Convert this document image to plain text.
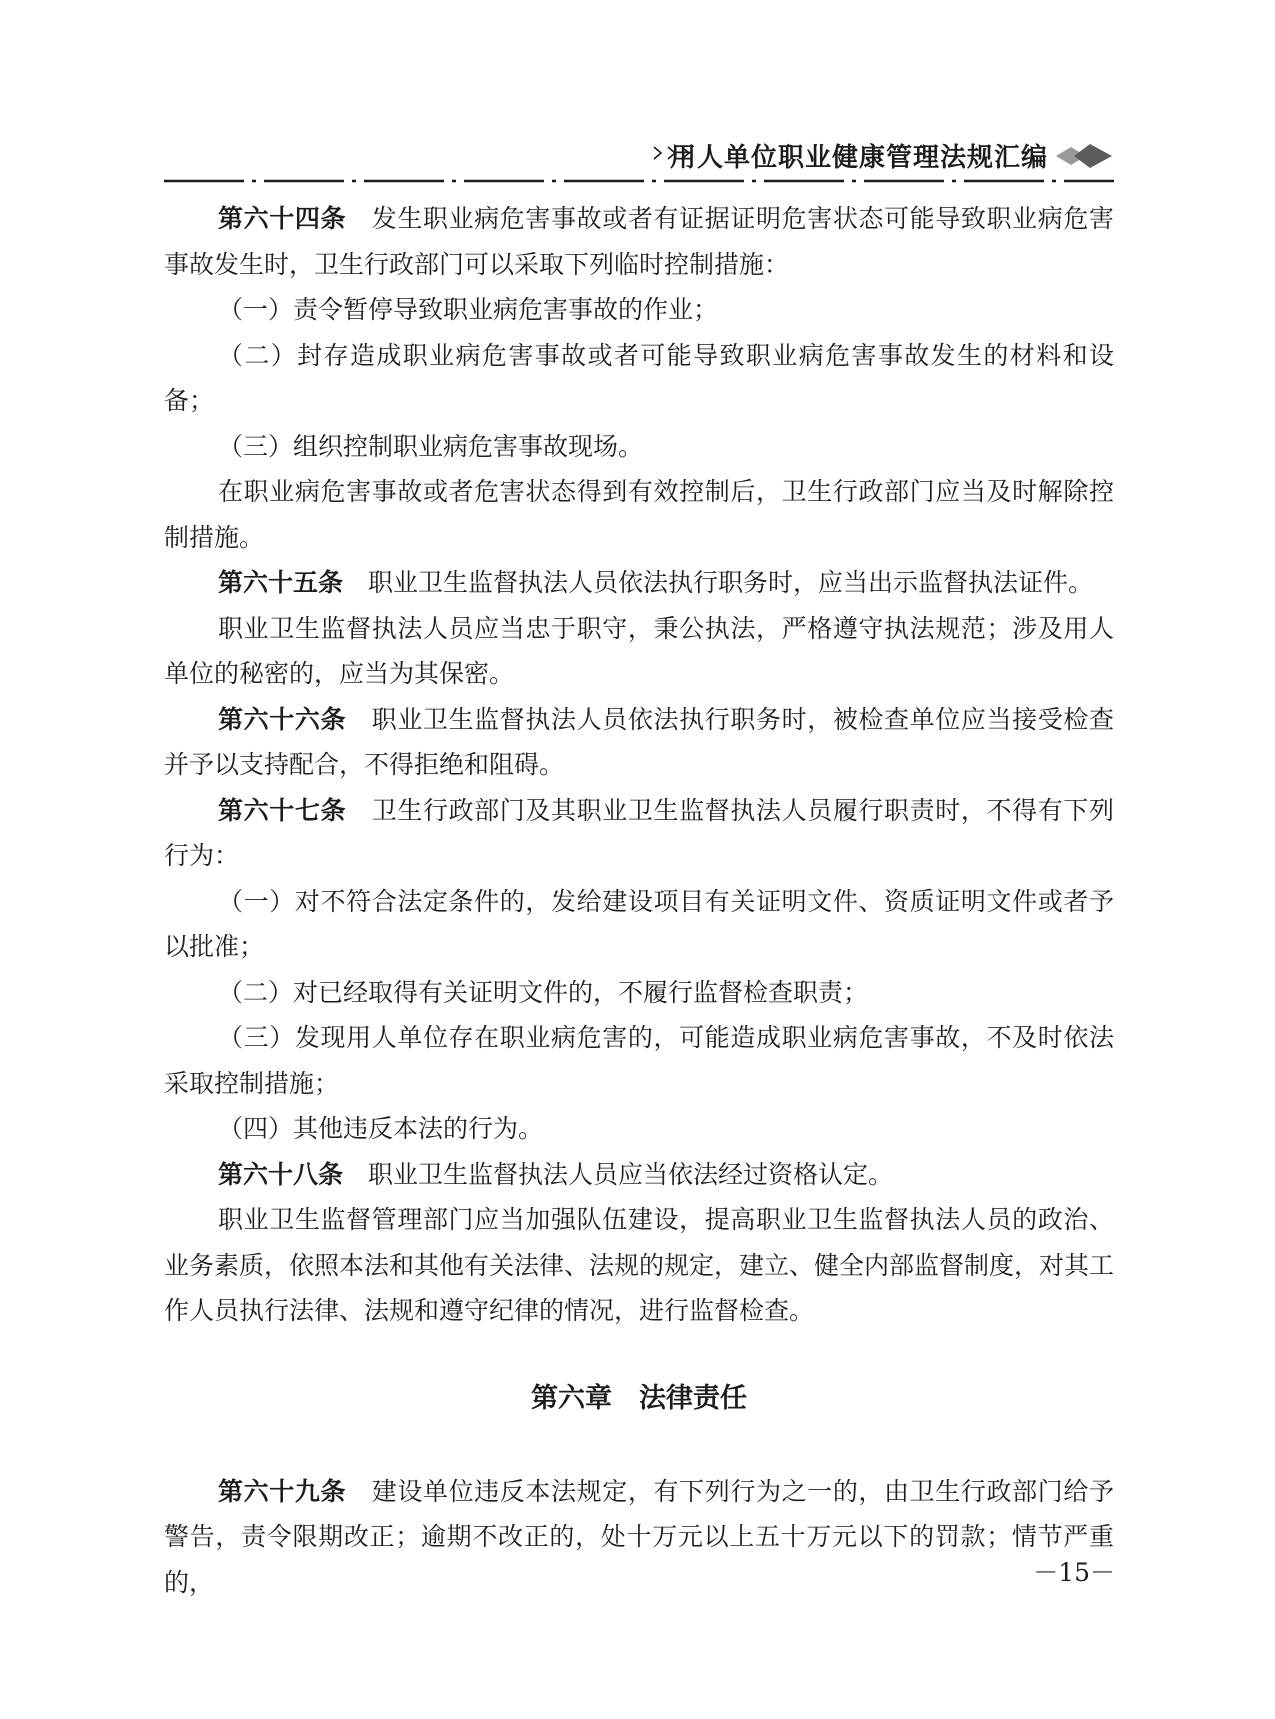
用人单位职业健康管理法规汇编

第六十四条　 发生职业病危害事故或者有证据证明危害状态可能导致职业病危害事故发生时，卫生行政部门可以采取下列临时控制措施：

（一）责令暂停导致职业病危害事故的作业；

（二）封存造成职业病危害事故或者可能导致职业病危害事故发生的材料和设备；

（三）组织控制职业病危害事故现场。

在职业病危害事故或者危害状态得到有效控制后，卫生行政部门应当及时解除控制措施。

第六十五条　 职业卫生监督执法人员依法执行职务时，应当出示监督执法证件。

职业卫生监督执法人员应当忠于职守，秉公执法，严格遵守执法规范；涉及用人单位的秘密的，应当为其保密。

第六十六条　 职业卫生监督执法人员依法执行职务时，被检查单位应当接受检查并予以支持配合，不得拒绝和阻碍。

第六十七条　 卫生行政部门及其职业卫生监督执法人员履行职责时，不得有下列行为：

（一）对不符合法定条件的，发给建设项目有关证明文件、资质证明文件或者予以批准；

（二）对已经取得有关证明文件的，不履行监督检查职责；

（三）发现用人单位存在职业病危害的，可能造成职业病危害事故，不及时依法采取控制措施；

（四）其他违反本法的行为。

第六十八条　 职业卫生监督执法人员应当依法经过资格认定。

职业卫生监督管理部门应当加强队伍建设，提高职业卫生监督执法人员的政治、业务素质，依照本法和其他有关法律、法规的规定，建立、健全内部监督制度，对其工作人员执行法律、法规和遵守纪律的情况，进行监督检查。

第六章　法律责任

第六十九条　 建设单位违反本法规定，有下列行为之一的，由卫生行政部门给予警告，责令限期改正；逾期不改正的，处十万元以上五十万元以下的罚款；情节严重的，	－15－
